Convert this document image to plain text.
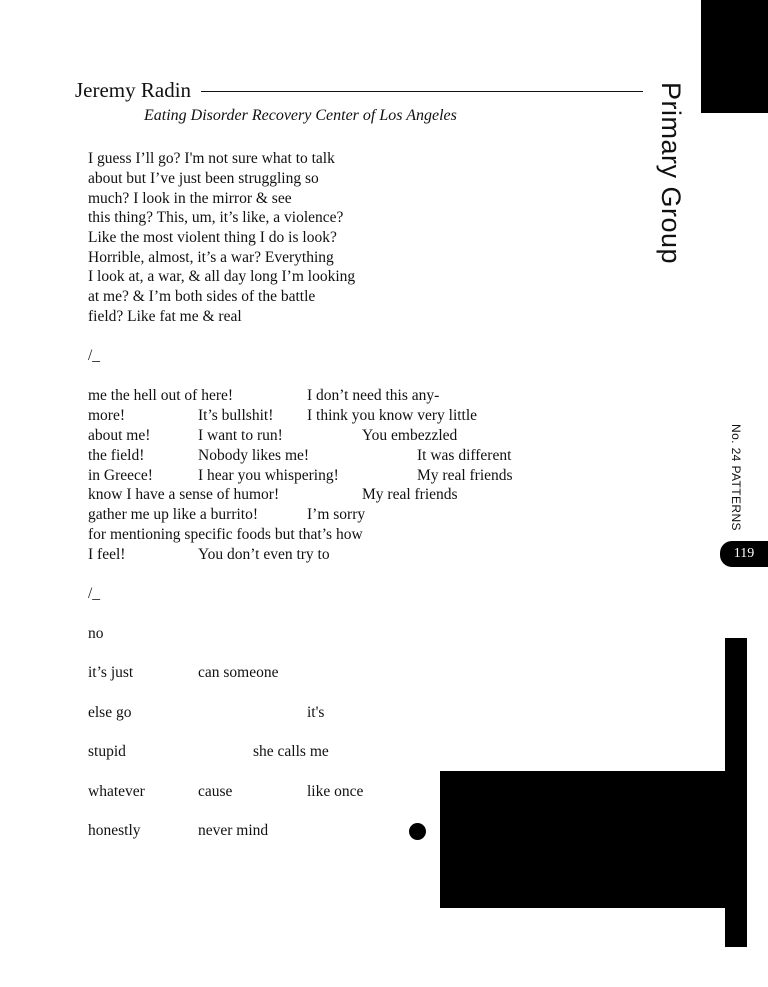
Jeremy Radin
Eating Disorder Recovery Center of Los Angeles	Primary Group
No. 24 PATTERNS
119
I guess I’ll go? I'm not sure what to talk
about but I’ve just been struggling so
much? I look in the mirror & see
this thing? This, um, it’s like, a violence?
Like the most violent thing I do is look?
Horrible, almost, it’s a war? Everything
I look at, a war, & all day long I’m looking
at me? & I’m both sides of the battle
field? Like fat me & real
/_
me the hell out of here!	I don’t need this any-
more!	It’s bullshit! I think you know very little
about me!	I want to run!	You embezzled
the field!	Nobody likes me!	It was different
in Greece!	I hear you whispering!	My real friends
know I have a sense of humor!	My real friends
gather me up like a burrito!	I’m sorry
for mentioning specific foods but that’s how
I feel!	You don’t even try to
/_
no
it’s just	can someone
else go	it's
stupid	she calls me
whatever	cause	like once
honestly	never mind
